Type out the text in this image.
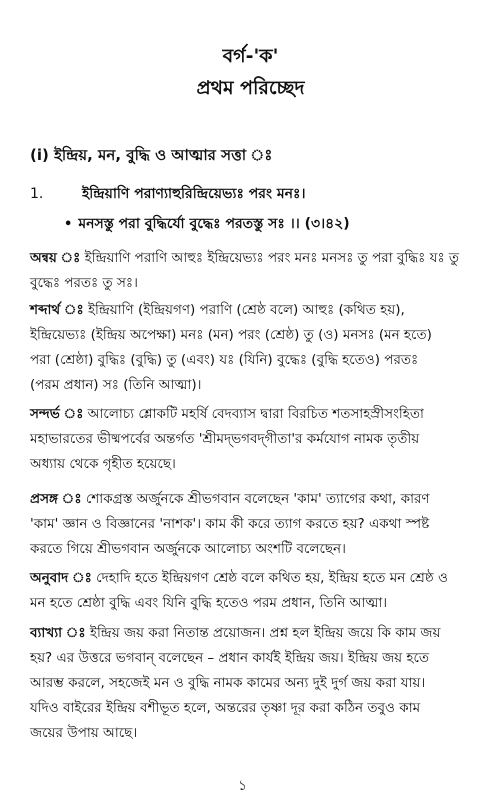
বর্গ-'ক'
প্রথম পরিচ্ছেদ
(i) ইন্দ্রিয়, মন, বুদ্ধি ও আত্মার সত্তা ঃ
1.	ইন্দ্রিয়াণি পরাণ্যাহুরিন্দ্রিয়েভ্যঃ পরং মনঃ।
• মনসস্তু পরা বুদ্ধির্যো বুদ্ধেঃ পরতস্তু সঃ ।। (৩।৪২)
অন্বয় ঃ ইন্দ্রিয়াণি পরাণি আহুঃ ইন্দ্রিয়েভ্যঃ পরং মনঃ মনসঃ তু পরা বুদ্ধিঃ যঃ তু
বুদ্ধেঃ পরতঃ তু সঃ।
শব্দার্থ ঃ ইন্দ্রিয়াণি (ইন্দ্রিয়গণ) পরাণি (শ্রেষ্ঠ বলে) আহুঃ (কথিত হয়),
ইন্দ্রিয়েভ্যঃ (ইন্দ্রিয় অপেক্ষা) মনঃ (মন) পরং (শ্রেষ্ঠ) তু (ও) মনসঃ (মন হতে)
পরা (শ্রেষ্ঠা) বুদ্ধিঃ (বুদ্ধি) তু (এবং) যঃ (যিনি) বুদ্ধেঃ (বুদ্ধি হতেও) পরতঃ
(পরম প্রধান) সঃ (তিনি আত্মা)।
সন্দর্ভ ঃ আলোচ্য শ্লোকটি মহর্ষি বেদব্যাস দ্বারা বিরচিত শতসাহস্রীসংহিতা
মহাভারতের ভীষ্মপর্বের অন্তর্গত 'শ্রীমদ্‌ভগবদ্‌গীতা'র কর্মযোগ নামক তৃতীয়
অধ্যায় থেকে গৃহীত হয়েছে।
প্রসঙ্গ ঃ শোকগ্রস্ত অর্জুনকে শ্রীভগবান বলেছেন 'কাম' ত্যাগের কথা, কারণ
'কাম' জ্ঞান ও বিজ্ঞানের 'নাশক'। কাম কী করে ত্যাগ করতে হয়? একথা স্পষ্ট
করতে গিয়ে শ্রীভগবান অর্জুনকে আলোচ্য অংশটি বলেছেন।
অনুবাদ ঃ দেহাদি হতে ইন্দ্রিয়গণ শ্রেষ্ঠ বলে কথিত হয়, ইন্দ্রিয় হতে মন শ্রেষ্ঠ ও
মন হতে শ্রেষ্ঠা বুদ্ধি এবং যিনি বুদ্ধি হতেও পরম প্রধান, তিনি আত্মা।
ব্যাখ্যা ঃ ইন্দ্রিয় জয় করা নিতান্ত প্রয়োজন। প্রশ্ন হল ইন্দ্রিয় জয়ে কি কাম জয়
হয়? এর উত্তরে ভগবান্ বলেছেন – প্রধান কার্যই ইন্দ্রিয় জয়। ইন্দ্রিয় জয় হতে
আরম্ভ করলে, সহজেই মন ও বুদ্ধি নামক কামের অন্য দুই দুর্গ জয় করা যায়।
যদিও বাইরের ইন্দ্রিয় বশীভূত হলে, অন্তরের তৃষ্ণা দূর করা কঠিন তবুও কাম
জয়ের উপায় আছে।
১
